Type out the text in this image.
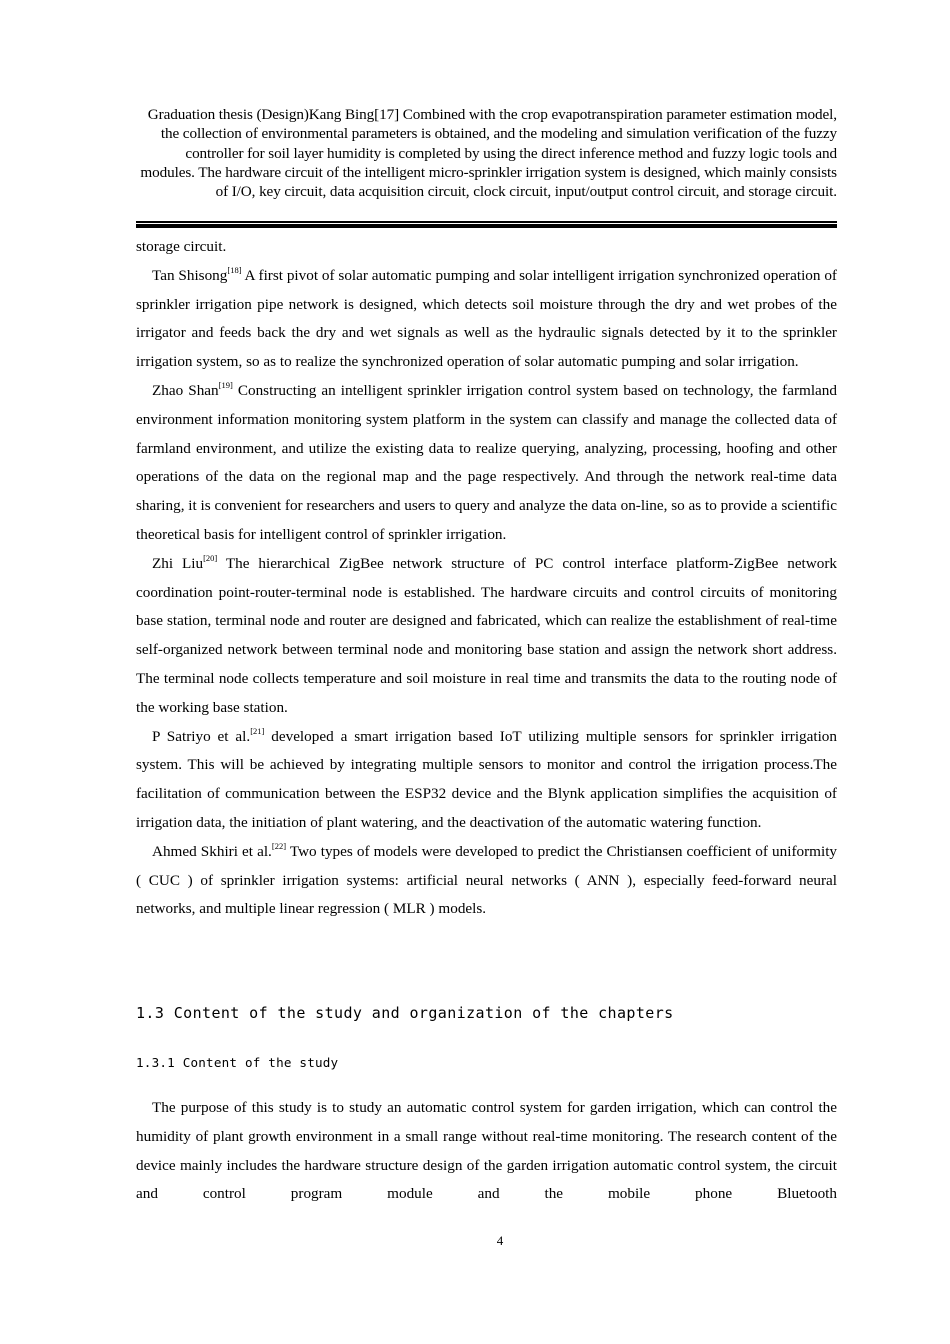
Graduation thesis (Design)Kang Bing[17] Combined with the crop evapotranspiration parameter estimation model, the collection of environmental parameters is obtained, and the modeling and simulation verification of the fuzzy controller for soil layer humidity is completed by using the direct inference method and fuzzy logic tools and modules. The hardware circuit of the intelligent micro-sprinkler irrigation system is designed, which mainly consists of I/O, key circuit, data acquisition circuit, clock circuit, input/output control circuit, and storage circuit.

storage circuit.

Tan Shisong[18] A first pivot of solar automatic pumping and solar intelligent irrigation synchronized operation of sprinkler irrigation pipe network is designed, which detects soil moisture through the dry and wet probes of the irrigator and feeds back the dry and wet signals as well as the hydraulic signals detected by it to the sprinkler irrigation system, so as to realize the synchronized operation of solar automatic pumping and solar irrigation.

Zhao Shan[19] Constructing an intelligent sprinkler irrigation control system based on technology, the farmland environment information monitoring system platform in the system can classify and manage the collected data of farmland environment, and utilize the existing data to realize querying, analyzing, processing, hoofing and other operations of the data on the regional map and the page respectively. And through the network real-time data sharing, it is convenient for researchers and users to query and analyze the data on-line, so as to provide a scientific theoretical basis for intelligent control of sprinkler irrigation.

Zhi Liu[20] The hierarchical ZigBee network structure of PC control interface platform-ZigBee network coordination point-router-terminal node is established. The hardware circuits and control circuits of monitoring base station, terminal node and router are designed and fabricated, which can realize the establishment of real-time self-organized network between terminal node and monitoring base station and assign the network short address. The terminal node collects temperature and soil moisture in real time and transmits the data to the routing node of the working base station.

P Satriyo et al.[21] developed a smart irrigation based IoT utilizing multiple sensors for sprinkler irrigation system. This will be achieved by integrating multiple sensors to monitor and control the irrigation process.The facilitation of communication between the ESP32 device and the Blynk application simplifies the acquisition of irrigation data, the initiation of plant watering, and the deactivation of the automatic watering function.

Ahmed Skhiri et al.[22] Two types of models were developed to predict the Christiansen coefficient of uniformity ( CUC ) of sprinkler irrigation systems: artificial neural networks ( ANN ), especially feed-forward neural networks, and multiple linear regression ( MLR ) models.

1.3 Content of the study and organization of the chapters
1.3.1 Content of the study

The purpose of this study is to study an automatic control system for garden irrigation, which can control the humidity of plant growth environment in a small range without real-time monitoring. The research content of the device mainly includes the hardware structure design of the garden irrigation automatic control system, the circuit and control program module and the mobile phone Bluetooth

4
